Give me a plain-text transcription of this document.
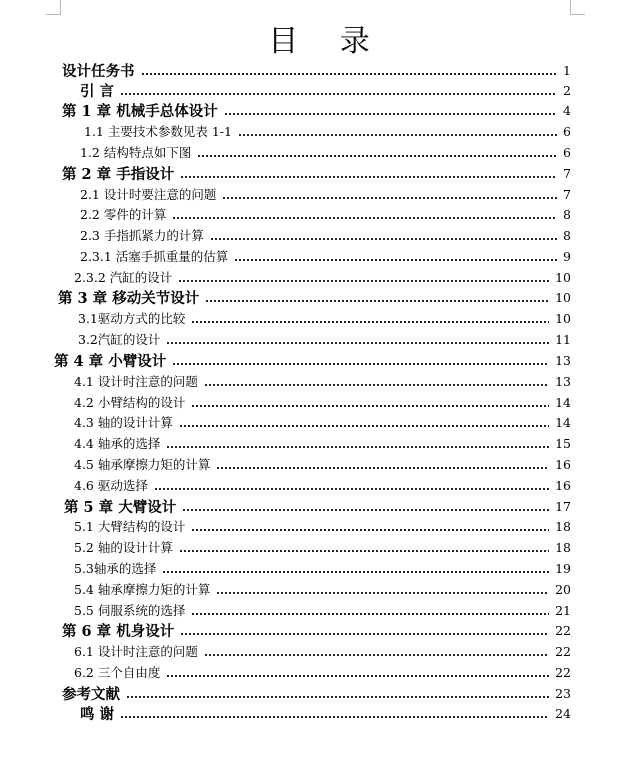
目 录
设计任务书	1
引 言	2
第 1 章 机械手总体设计	4
1.1 主要技术参数见表 1-1	6
1.2 结构特点如下图	6
第 2 章 手指设计	7
2.1 设计时要注意的问题	7
2.2 零件的计算	8
2.3 手指抓紧力的计算	8
2.3.1 活塞手抓重量的估算	9
2.3.2 汽缸的设计	10
第 3 章 移动关节设计	10
3.1驱动方式的比较	10
3.2汽缸的设计	11
第 4 章 小臂设计	13
4.1 设计时注意的问题	13
4.2 小臂结构的设计	14
4.3 轴的设计计算	14
4.4 轴承的选择	15
4.5 轴承摩擦力矩的计算	16
4.6 驱动选择	16
第 5 章 大臂设计	17
5.1 大臂结构的设计	18
5.2 轴的设计计算	18
5.3轴承的选择	19
5.4 轴承摩擦力矩的计算	20
5.5 伺服系统的选择	21
第 6 章 机身设计	22
6.1 设计时注意的问题	22
6.2 三个自由度	22
参考文献	23
鸣 谢	24
